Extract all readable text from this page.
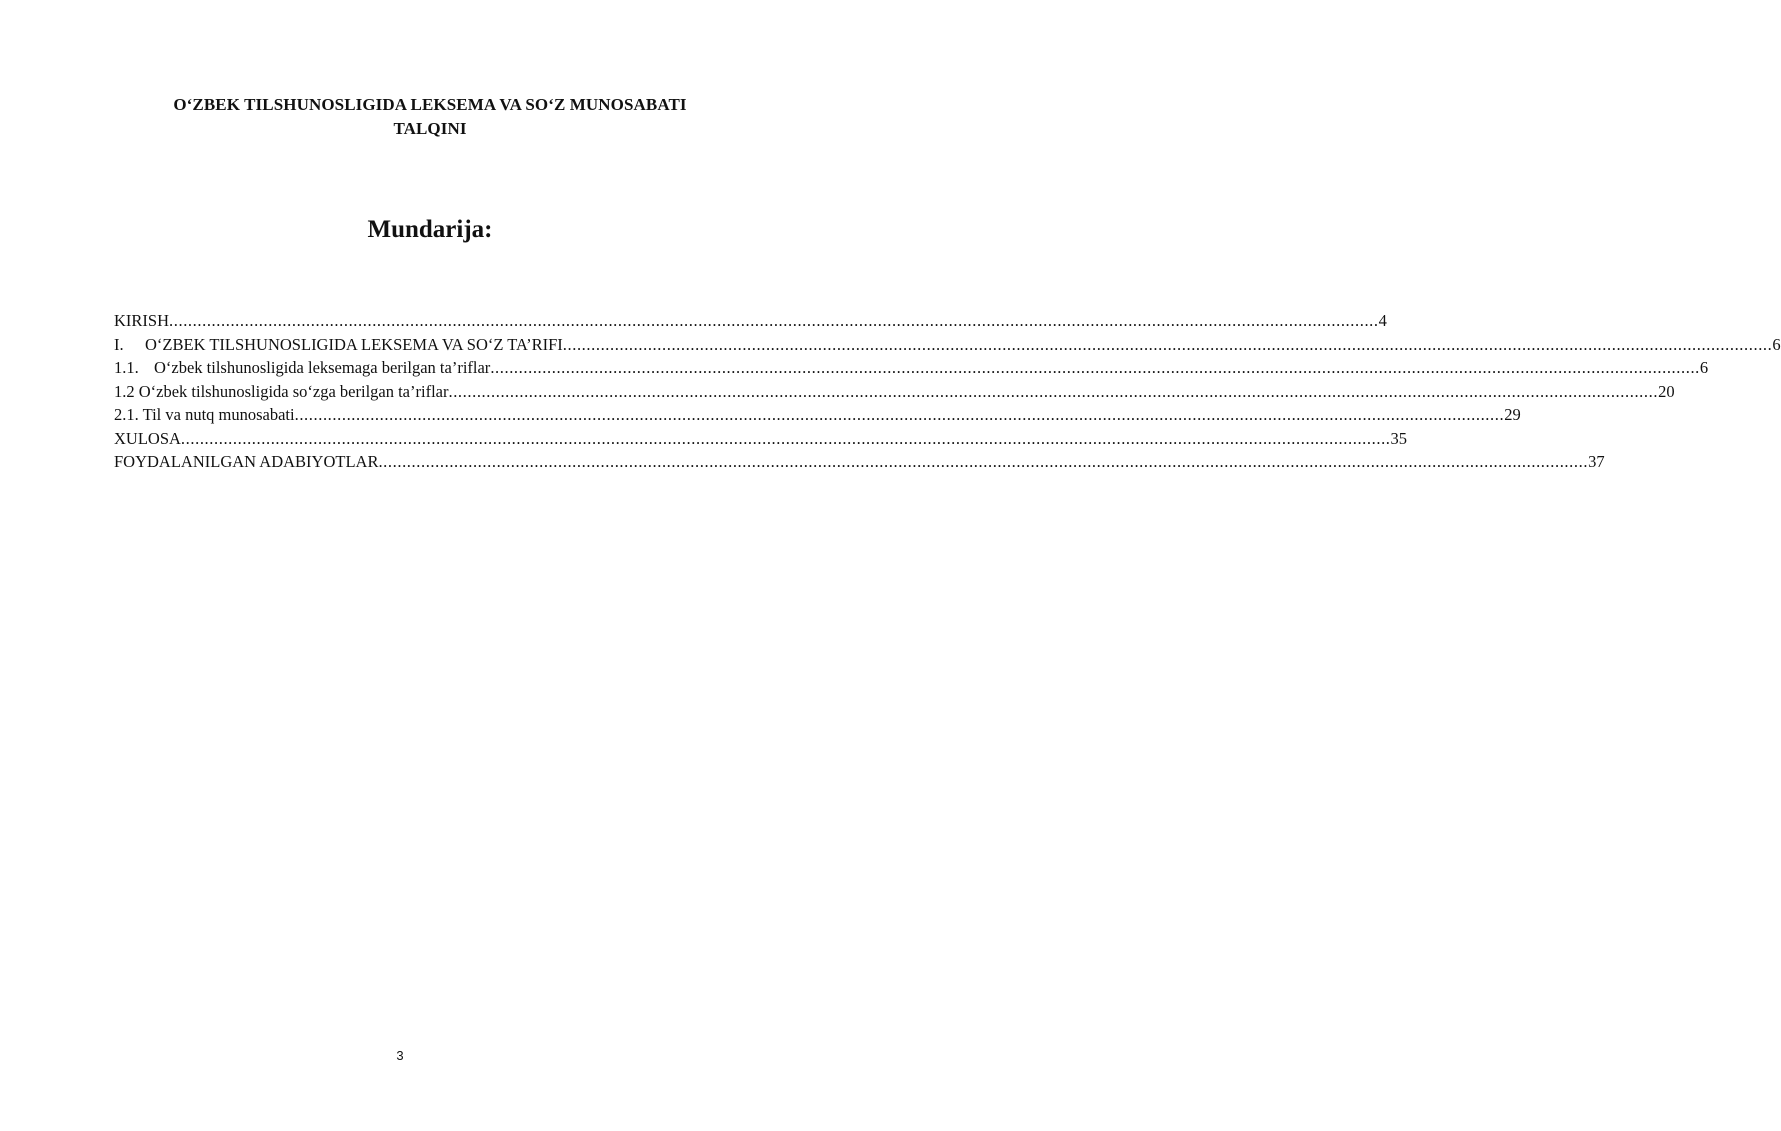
O‘ZBEK TILSHUNOSLIGIDA LEKSEMA VA SO‘Z MUNOSABATI
TALQINI
Mundarija:
KIRISH .....	4
I.	O‘ZBEK TILSHUNOSLIGIDA LEKSEMA VA SO‘Z TA’RIFI .....	6
1.1. O‘zbek tilshunosligida leksemaga berilgan ta’riflar .....	6
1.2 O‘zbek tilshunosligida so‘zga berilgan ta’riflar .....	20
2.1. Til va nutq munosabati .....	29
XULOSA .....	35
FOYDALANILGAN ADABIYOTLAR .....	37
3
